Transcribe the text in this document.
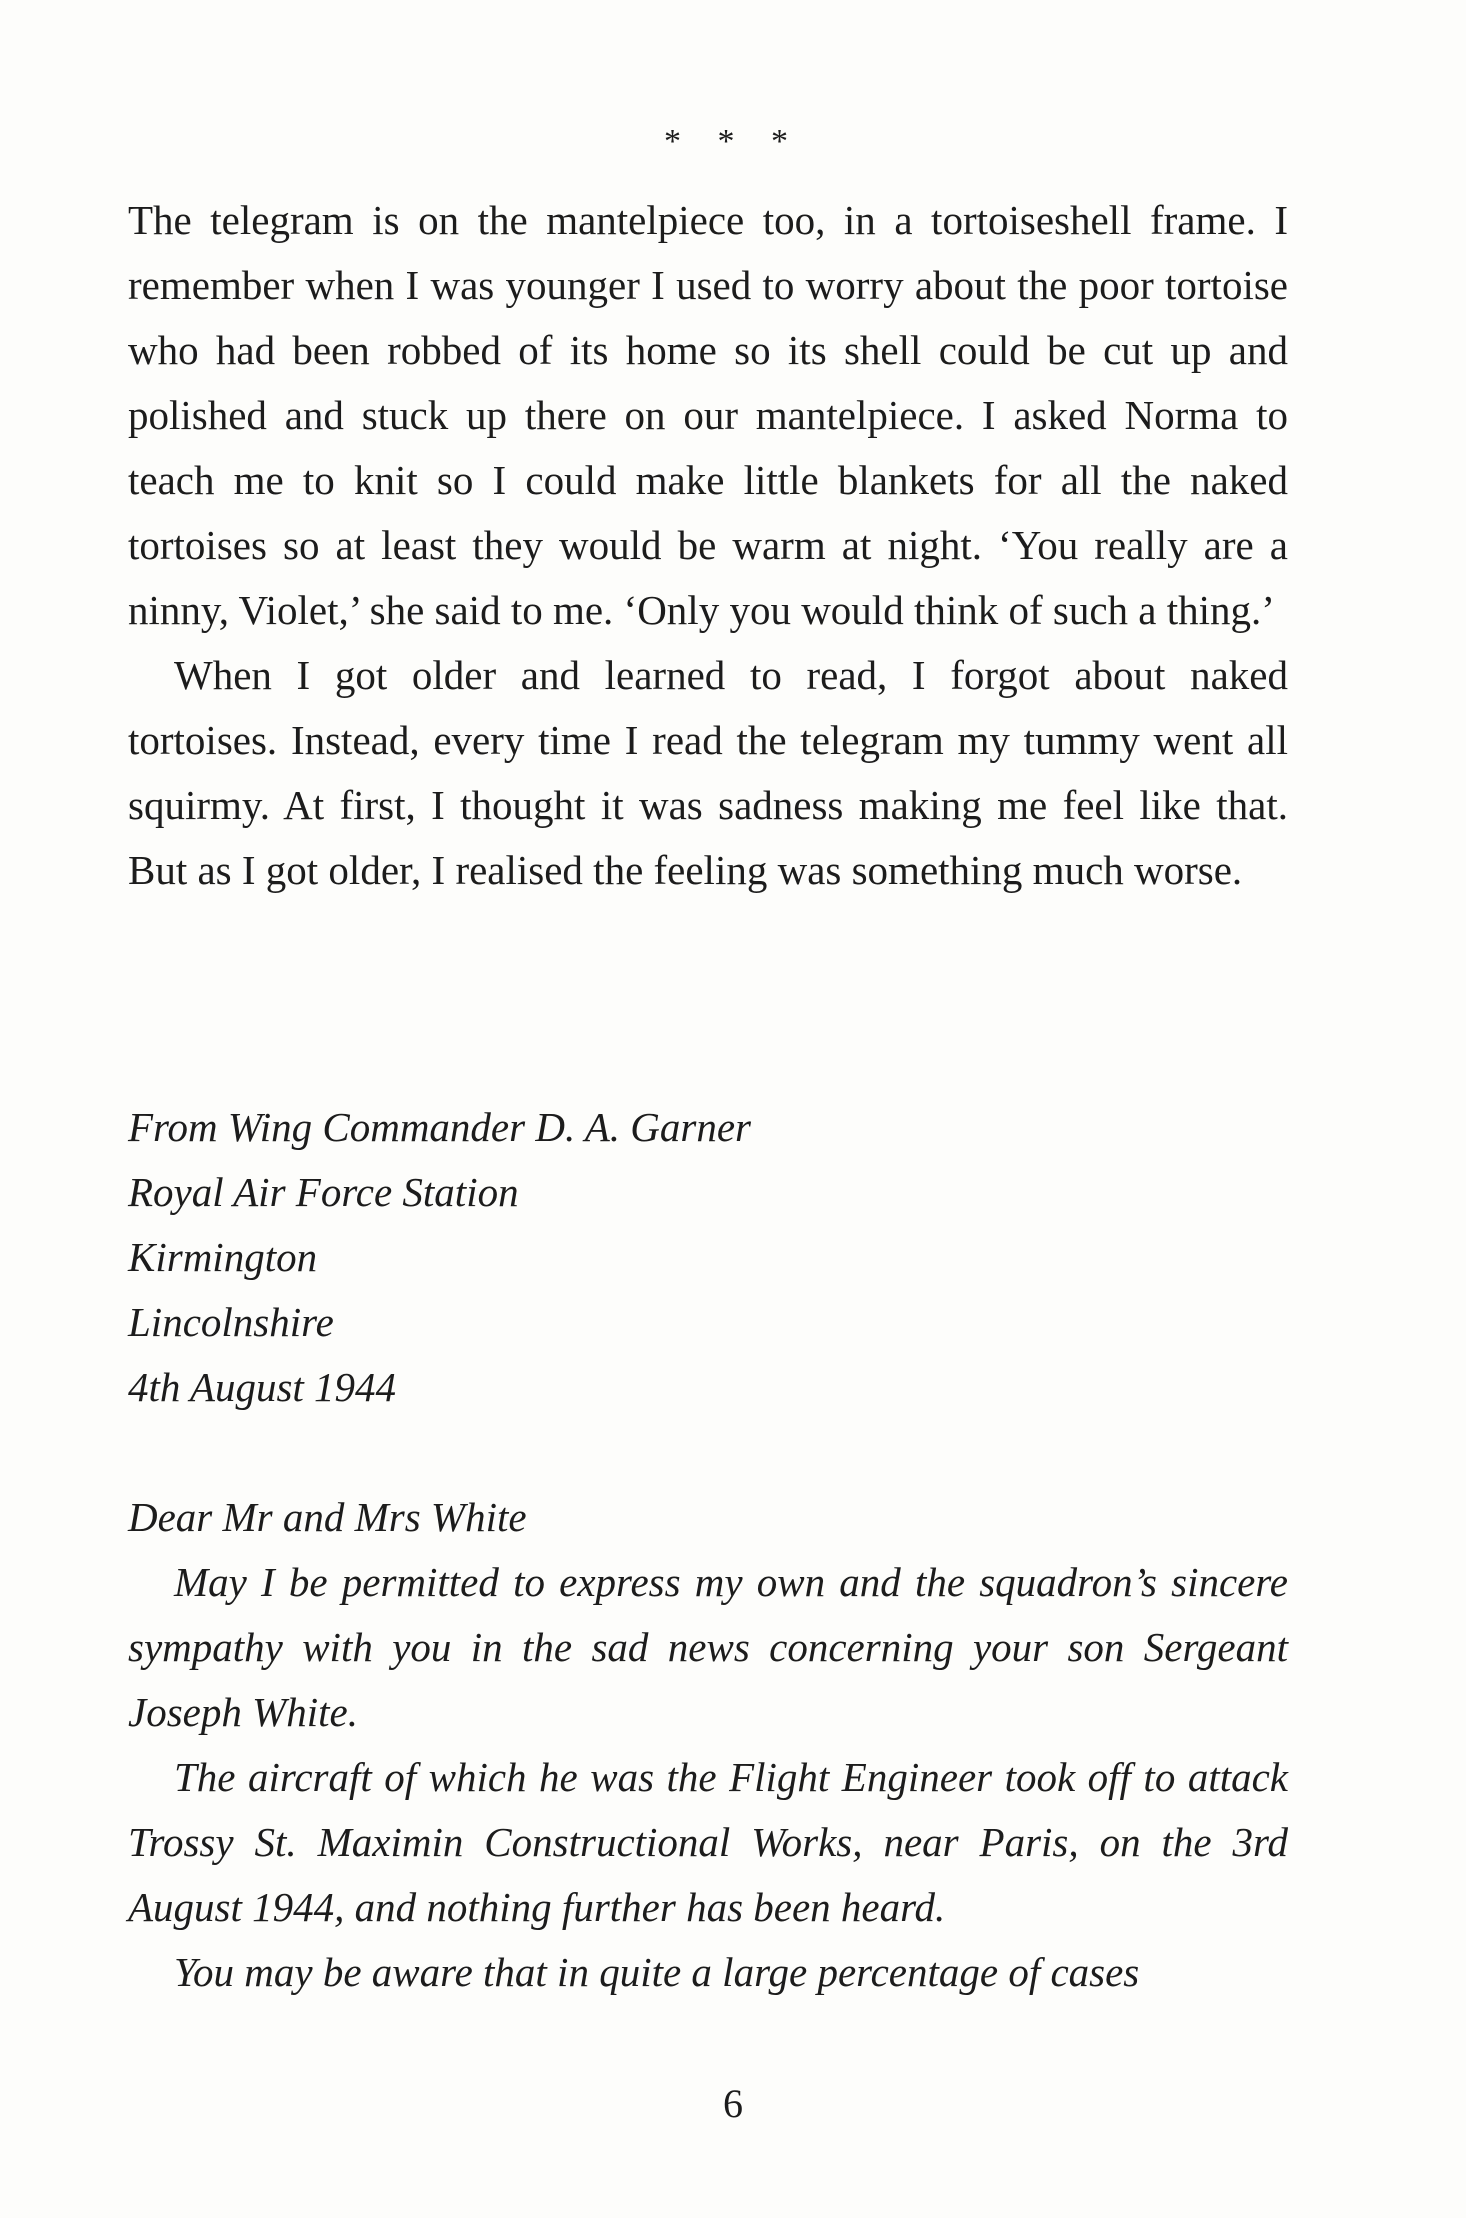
* * *

The telegram is on the mantelpiece too, in a tortoiseshell frame. I remember when I was younger I used to worry about the poor tortoise who had been robbed of its home so its shell could be cut up and polished and stuck up there on our mantelpiece. I asked Norma to teach me to knit so I could make little blankets for all the naked tortoises so at least they would be warm at night. ‘You really are a ninny, Violet,’ she said to me. ‘Only you would think of such a thing.’

When I got older and learned to read, I forgot about naked tortoises. Instead, every time I read the telegram my tummy went all squirmy. At first, I thought it was sadness making me feel like that. But as I got older, I realised the feeling was something much worse.

From Wing Commander D. A. Garner
Royal Air Force Station
Kirmington
Lincolnshire
4th August 1944

Dear Mr and Mrs White

May I be permitted to express my own and the squadron’s sincere sympathy with you in the sad news concerning your son Sergeant Joseph White.

The aircraft of which he was the Flight Engineer took off to attack Trossy St. Maximin Constructional Works, near Paris, on the 3rd August 1944, and nothing further has been heard.

You may be aware that in quite a large percentage of cases

6
